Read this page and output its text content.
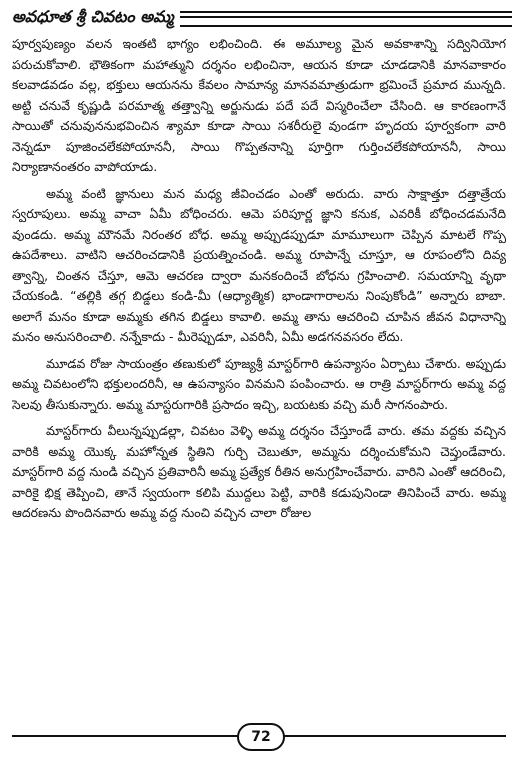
అవధూత శ్రీ చివటం అమ్మ

పూర్వపుణ్యం వలన ఇంతటి భాగ్యం లభించింది. ఈ అమూల్య మైన అవకాశాన్ని సద్వినియోగ పరుచుకోవాలి. భౌతికంగా మహాత్ముని దర్శనం లభించినా, ఆయన కూడా చూడడానికి మానవాకారం కలవాడవడం వల్ల, భక్తులు ఆయనను కేవలం సామాన్య మానవమాత్రుడుగా భ్రమించే ప్రమాద మున్నది. అట్టి చనువే కృష్ణుడి పరమాత్మ తత్త్వాన్ని అర్జునుడు పదే పదే విస్మరించేలా చేసింది. ఆ కారణంగానే సాయితో చనువుననుభవించిన శ్యామా కూడా సాయి సశరీరులై వుండగా హృదయ పూర్వకంగా వారి నెన్నడూ పూజించలేకపోయాననీ, సాయి గొప్పతనాన్ని పూర్తిగా గుర్తించలేకపోయాననీ, సాయి నిర్యాణానంతరం వాపోయాడు.

అమ్మ వంటి జ్ఞానులు మన మధ్య జీవించడం ఎంతో అరుదు. వారు సాక్షాత్తూ దత్తాత్రేయ స్వరూపులు. అమ్మ వాచా ఏమీ బోధించరు. ఆమె పరిపూర్ణ జ్ఞాని కనుక, ఎవరికీ బోధించడమనేది వుండదు. అమ్మ మౌనమే నిరంతర బోధ. అమ్మ అప్పుడప్పుడూ మామూలుగా చెప్పిన మాటలే గొప్ప ఉపదేశాలు. వాటిని ఆచరించడానికి ప్రయత్నించండి. అమ్మ రూపాన్నే చూస్తూ, ఆ రూపంలోని దివ్య త్వాన్ని, చింతన చేస్తూ, ఆమె ఆచరణ ద్వారా మనకందించే బోధను గ్రహించాలి. సమయాన్ని వృథా చేయకండి. “తల్లికి తగ్గ బిడ్డలు కండి-మీ (ఆధ్యాత్మిక) భాండాగారాలను నింపుకోండి” అన్నారు బాబా. అలాగే మనం కూడా అమ్మకు తగిన బిడ్డలు కావాలి. అమ్మ తాను ఆచరించి చూపిన జీవన విధానాన్ని మనం అనుసరించాలి. నన్నేకాదు - మీరెప్పుడూ, ఎవరినీ, ఏమీ అడగనవసరం లేదు.

మూడవ రోజు సాయంత్రం తణుకులో పూజ్యశ్రీ మాస్టర్‌గారి ఉపన్యాసం ఏర్పాటు చేశారు. అప్పుడు అమ్మ చివటంలోని భక్తులందరినీ, ఆ ఉపన్యాసం వినమని పంపించారు. ఆ రాత్రి మాస్టర్‌గారు అమ్మ వద్ద సెలవు తీసుకున్నారు. అమ్మ మాస్టరుగారికి ప్రసాదం ఇచ్చి, బయటకు వచ్చి మరీ సాగనంపారు.

మాస్టర్‌గారు వీలున్నప్పుడల్లా, చివటం వెళ్ళి అమ్మ దర్శనం చేస్తూండే వారు. తమ వద్దకు వచ్చిన వారికి అమ్మ యొక్క మహోన్నత స్థితిని గుర్చి చెబుతూ, అమ్మను దర్శించుకోమని చెప్తుండేవారు. మాస్టర్‌గారి వద్ద నుండి వచ్చిన ప్రతివారినీ అమ్మ ప్రత్యేక రీతిన అనుగ్రహించేవారు. వారిని ఎంతో ఆదరించి, వారికై భిక్ష తెప్పించి, తానే స్వయంగా కలిపి ముద్దలు పెట్టి, వారికి కడుపునిండా తినిపించే వారు. అమ్మ ఆదరణను పొందినవారు అమ్మ వద్ద నుంచి వచ్చిన చాలా రోజుల

72
